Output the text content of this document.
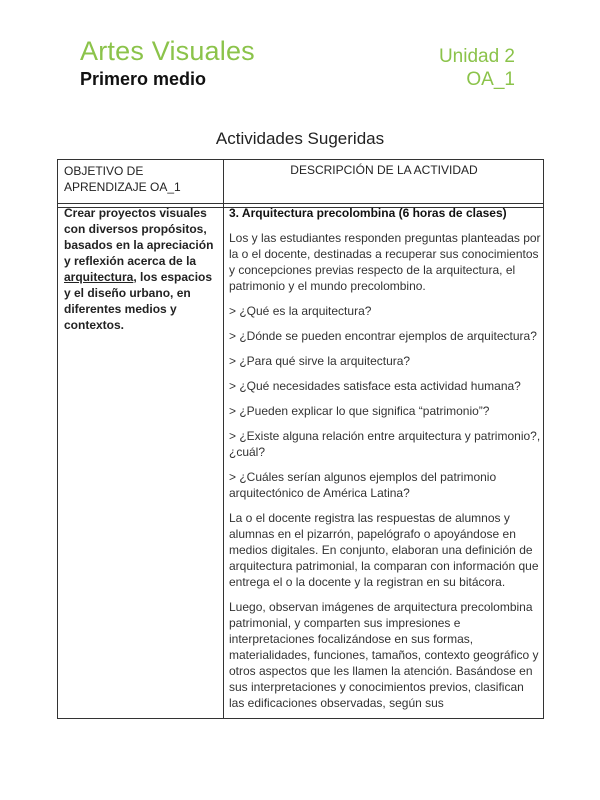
Artes Visuales
Primero medio
Unidad 2
OA_1
Actividades Sugeridas
OBJETIVO DE APRENDIZAJE OA_1
DESCRIPCIÓN DE LA ACTIVIDAD
Crear proyectos visuales con diversos propósitos, basados en la apreciación y reflexión acerca de la arquitectura, los espacios y el diseño urbano, en diferentes medios y contextos.
3. Arquitectura precolombina (6 horas de clases)

Los y las estudiantes responden preguntas planteadas por la o el docente, destinadas a recuperar sus conocimientos y concepciones previas respecto de la arquitectura, el patrimonio y el mundo precolombino.

> ¿Qué es la arquitectura?

> ¿Dónde se pueden encontrar ejemplos de arquitectura?

> ¿Para qué sirve la arquitectura?

> ¿Qué necesidades satisface esta actividad humana?

> ¿Pueden explicar lo que significa “patrimonio”?

> ¿Existe alguna relación entre arquitectura y patrimonio?, ¿cuál?

> ¿Cuáles serían algunos ejemplos del patrimonio arquitectónico de América Latina?

La o el docente registra las respuestas de alumnos y alumnas en el pizarrón, papelógrafo o apoyándose en medios digitales. En conjunto, elaboran una definición de arquitectura patrimonial, la comparan con información que entrega el o la docente y la registran en su bitácora.

Luego, observan imágenes de arquitectura precolombina patrimonial, y comparten sus impresiones e interpretaciones focalizándose en sus formas, materialidades, funciones, tamaños, contexto geográfico y otros aspectos que les llamen la atención. Basándose en sus interpretaciones y conocimientos previos, clasifican las edificaciones observadas, según sus
